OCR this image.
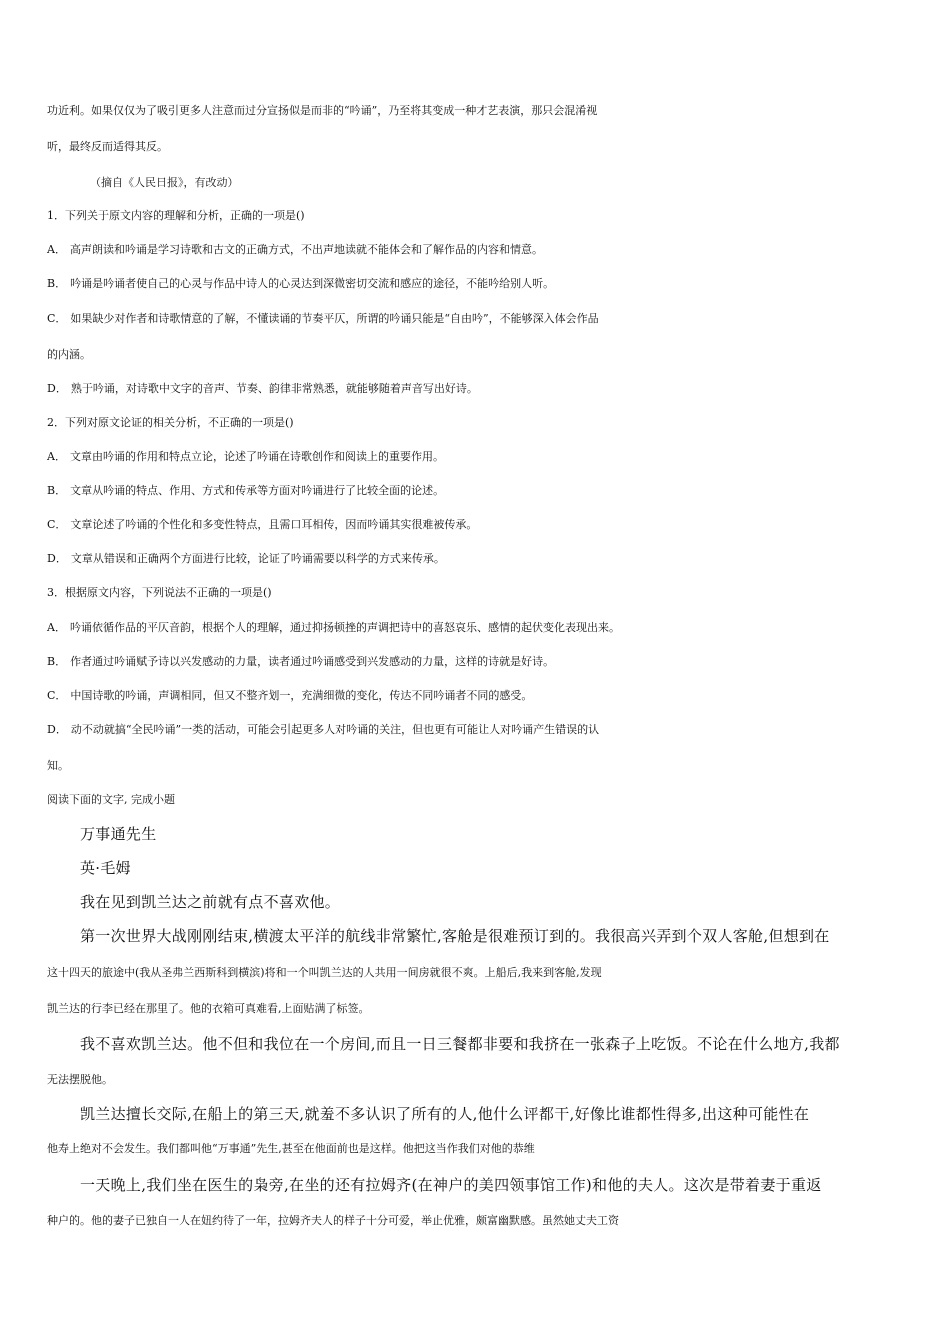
功近利。如果仅仅为了吸引更多人注意而过分宣扬似是而非的“吟诵”，乃至将其变成一种才艺表演，那只会混淆视
听，最终反而适得其反。
（摘自《人民日报》，有改动）
1．下列关于原文内容的理解和分析，正确的一项是()
A． 高声朗读和吟诵是学习诗歌和古文的正确方式，不出声地读就不能体会和了解作品的内容和情意。
B． 吟诵是吟诵者使自己的心灵与作品中诗人的心灵达到深微密切交流和感应的途径，不能吟给别人听。
C． 如果缺少对作者和诗歌情意的了解，不懂读诵的节奏平仄，所谓的吟诵只能是“自由吟”，不能够深入体会作品
的内涵。
D． 熟于吟诵，对诗歌中文字的音声、节奏、韵律非常熟悉，就能够随着声音写出好诗。
2．下列对原文论证的相关分析，不正确的一项是()
A． 文章由吟诵的作用和特点立论，论述了吟诵在诗歌创作和阅读上的重要作用。
B． 文章从吟诵的特点、作用、方式和传承等方面对吟诵进行了比较全面的论述。
C． 文章论述了吟诵的个性化和多变性特点，且需口耳相传，因而吟诵其实很难被传承。
D． 文章从错误和正确两个方面进行比较，论证了吟诵需要以科学的方式来传承。
3．根据原文内容，下列说法不正确的一项是()
A． 吟诵依循作品的平仄音韵，根据个人的理解，通过抑扬顿挫的声调把诗中的喜怒哀乐、感情的起伏变化表现出来。
B． 作者通过吟诵赋予诗以兴发感动的力量，读者通过吟诵感受到兴发感动的力量，这样的诗就是好诗。
C． 中国诗歌的吟诵，声调相同，但又不整齐划一，充满细微的变化，传达不同吟诵者不同的感受。
D． 动不动就搞“全民吟诵”一类的活动，可能会引起更多人对吟诵的关注，但也更有可能让人对吟诵产生错误的认
知。
阅读下面的文字, 完成小题
万事通先生
英·毛姆
我在见到凯兰达之前就有点不喜欢他。
第一次世界大战刚刚结束,横渡太平洋的航线非常繁忙,客舱是很难预订到的。我很高兴弄到个双人客舱,但想到在
这十四天的旅途中(我从圣弗兰西斯科到横滨)将和一个叫凯兰达的人共用一间房就很不爽。上船后,我来到客舱,发现
凯兰达的行李已经在那里了。他的衣箱可真难看,上面贴满了标签。
我不喜欢凯兰达。他不但和我位在一个房间,而且一日三餐都非要和我挤在一张森子上吃饭。不论在什么地方,我都
无法摆脱他。
凯兰达擅长交际,在船上的第三天,就羞不多认识了所有的人,他什么评都干,好像比谁都性得多,出这种可能性在
他寿上绝对不会发生。我们都叫他“万事通”先生,甚至在他面前也是这样。他把这当作我们对他的恭维
一天晚上,我们坐在医生的枭旁,在坐的还有拉姆齐(在神户的美四领事馆工作)和他的夫人。这次是带着妻于重返
种户的。他的妻子已独自一人在妞约待了一年，拉姆齐夫人的样子十分可爱，举止优雅，颇富幽默感。虽然她丈夫工资
